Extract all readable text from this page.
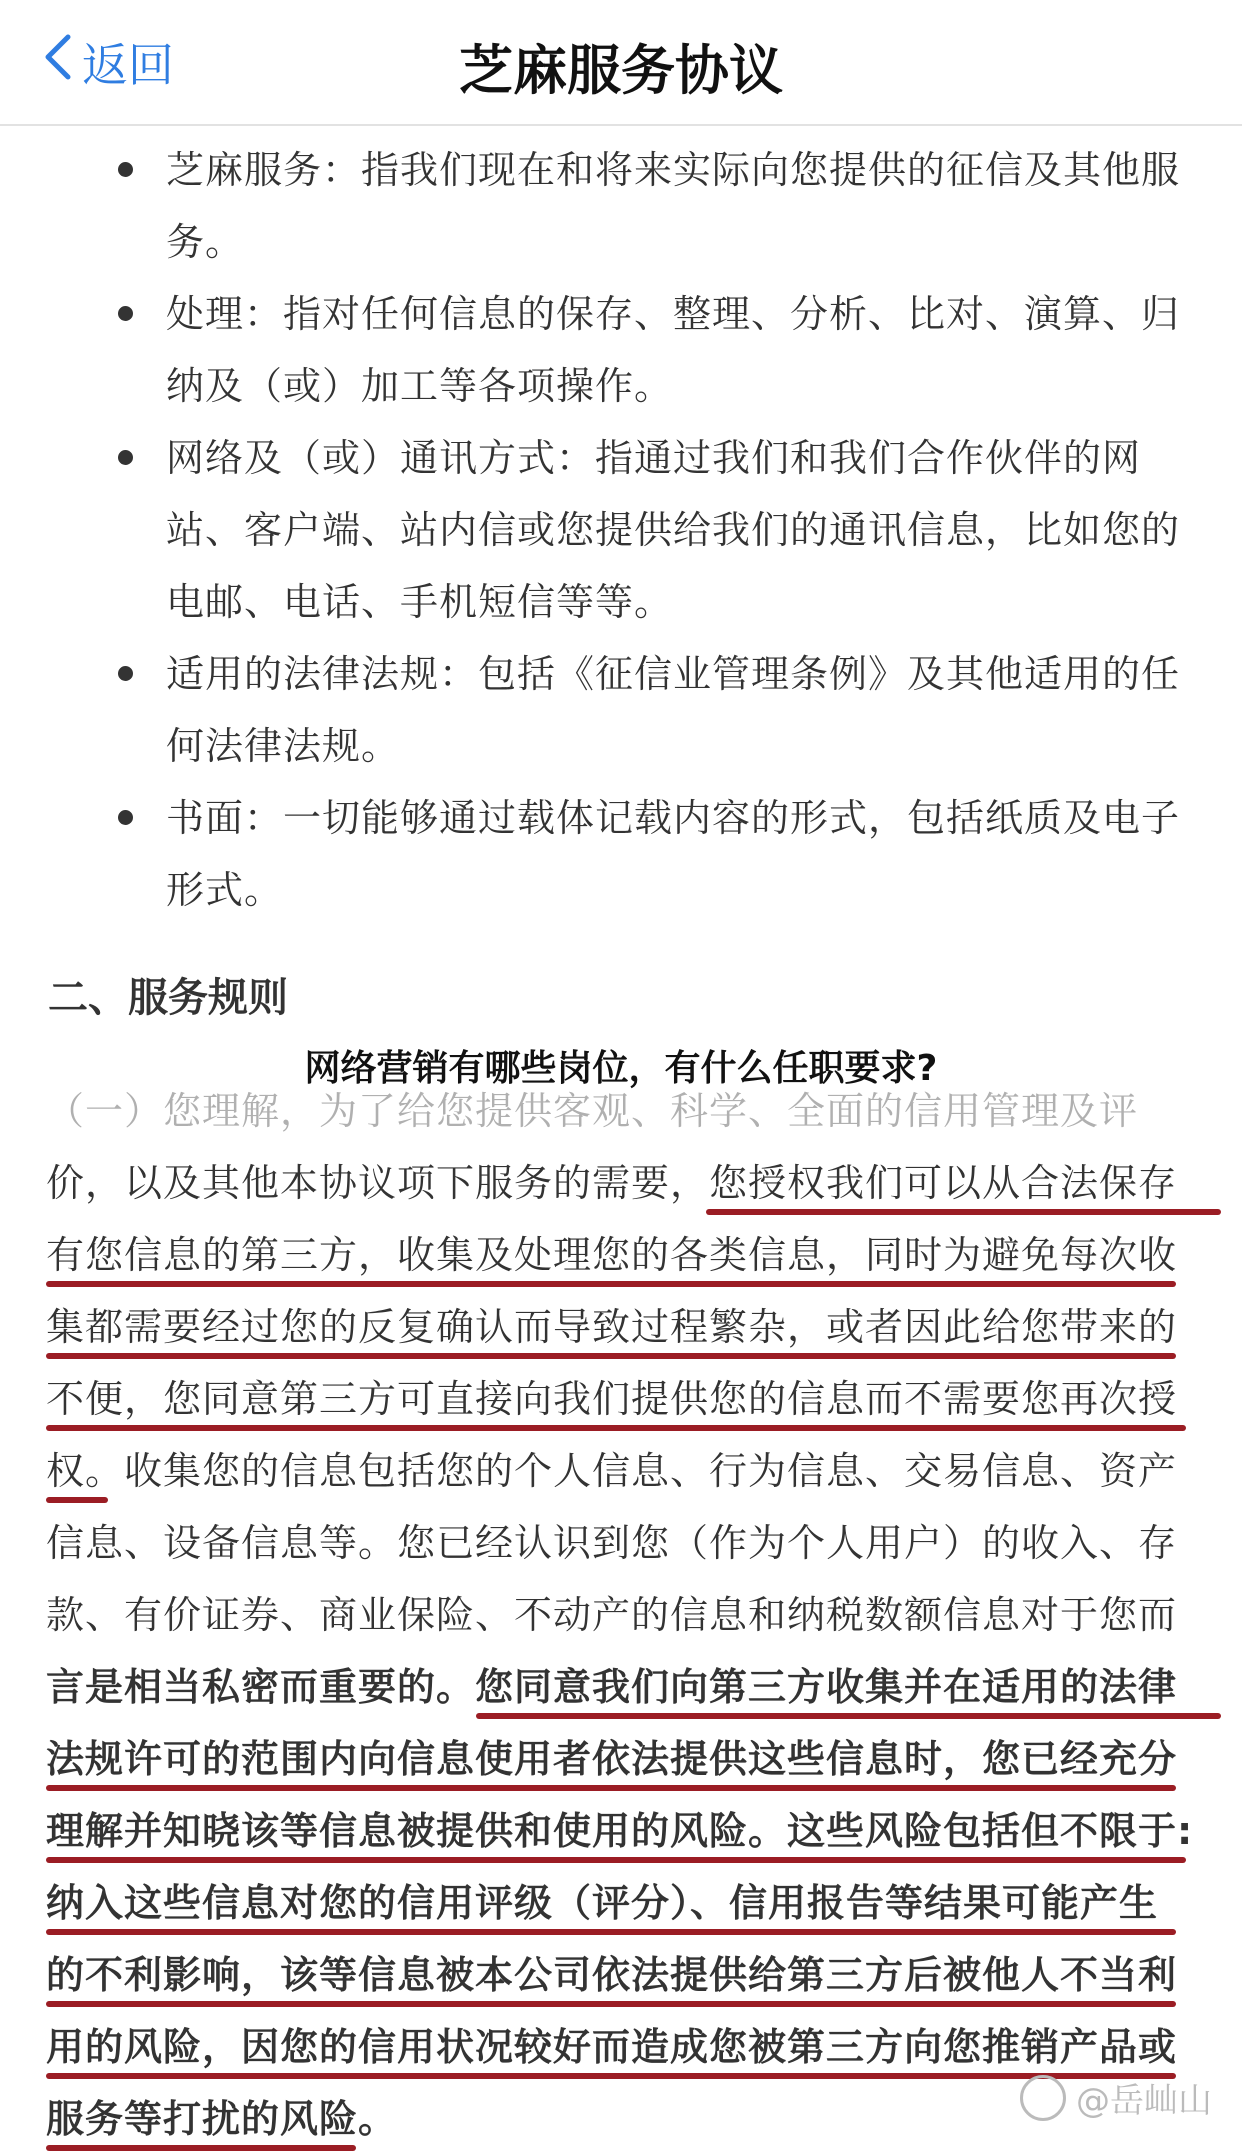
返回	芝麻服务协议
芝麻服务：指我们现在和将来实际向您提供的征信及其他服
务。
处理：指对任何信息的保存、整理、分析、比对、演算、归
纳及（或）加工等各项操作。
网络及（或）通讯方式：指通过我们和我们合作伙伴的网
站、客户端、站内信或您提供给我们的通讯信息，比如您的
电邮、电话、手机短信等等。
适用的法律法规：包括《征信业管理条例》及其他适用的任
何法律法规。
书面：一切能够通过载体记载内容的形式，包括纸质及电子
形式。
二、服务规则
网络营销有哪些岗位，有什么任职要求?
（一）您理解，为了给您提供客观、科学、全面的信用管理及评
价，以及其他本协议项下服务的需要，您授权我们可以从合法保存
有您信息的第三方，收集及处理您的各类信息，同时为避免每次收
集都需要经过您的反复确认而导致过程繁杂，或者因此给您带来的
不便，您同意第三方可直接向我们提供您的信息而不需要您再次授
权。收集您的信息包括您的个人信息、行为信息、交易信息、资产
信息、设备信息等。您已经认识到您（作为个人用户）的收入、存
款、有价证券、商业保险、不动产的信息和纳税数额信息对于您而
言是相当私密而重要的。您同意我们向第三方收集并在适用的法律
法规许可的范围内向信息使用者依法提供这些信息时，您已经充分
理解并知晓该等信息被提供和使用的风险。这些风险包括但不限于:
纳入这些信息对您的信用评级（评分）、信用报告等结果可能产生
的不利影响，该等信息被本公司依法提供给第三方后被他人不当利
用的风险，因您的信用状况较好而造成您被第三方向您推销产品或
服务等打扰的风险。	@岳屾山
